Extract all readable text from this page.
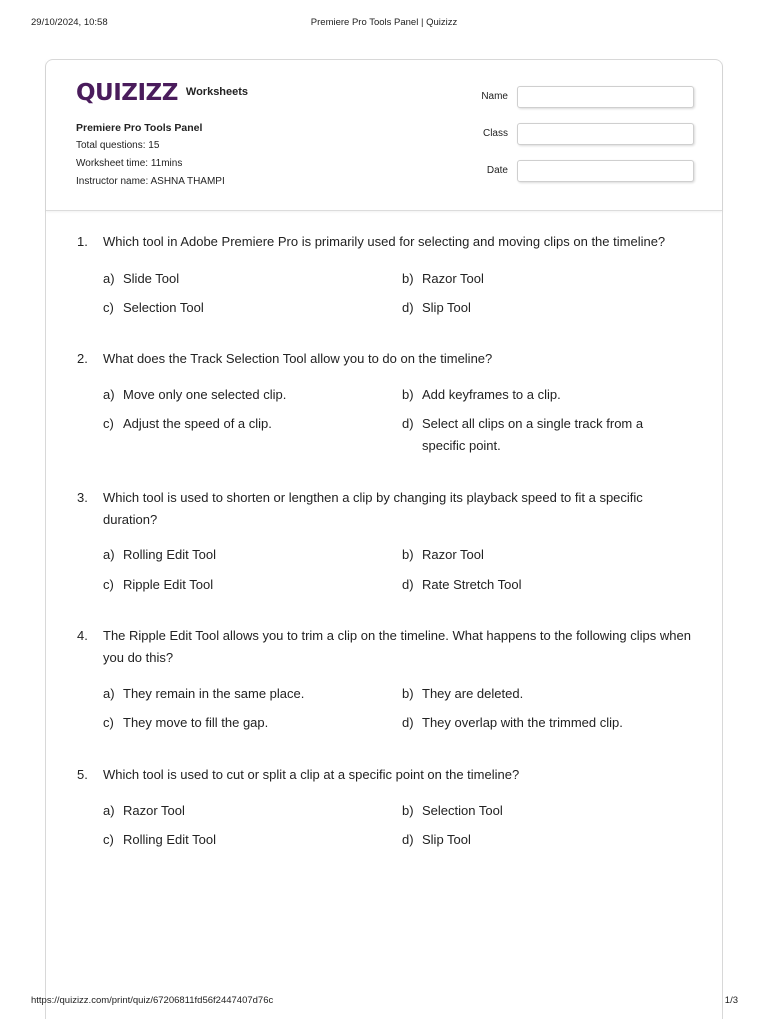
29/10/2024, 10:58	Premiere Pro Tools Panel | Quizizz
QUIZIZZ Worksheets
Premiere Pro Tools Panel
Total questions: 15
Worksheet time: 11mins
Instructor name: ASHNA THAMPI
Name
Class
Date
1. Which tool in Adobe Premiere Pro is primarily used for selecting and moving clips on the timeline?
a) Slide Tool	b) Razor Tool
c) Selection Tool	d) Slip Tool
2. What does the Track Selection Tool allow you to do on the timeline?
a) Move only one selected clip.	b) Add keyframes to a clip.
c) Adjust the speed of a clip.	d) Select all clips on a single track from a specific point.
3. Which tool is used to shorten or lengthen a clip by changing its playback speed to fit a specific duration?
a) Rolling Edit Tool	b) Razor Tool
c) Ripple Edit Tool	d) Rate Stretch Tool
4. The Ripple Edit Tool allows you to trim a clip on the timeline. What happens to the following clips when you do this?
a) They remain in the same place.	b) They are deleted.
c) They move to fill the gap.	d) They overlap with the trimmed clip.
5. Which tool is used to cut or split a clip at a specific point on the timeline?
a) Razor Tool	b) Selection Tool
c) Rolling Edit Tool	d) Slip Tool
https://quizizz.com/print/quiz/67206811fd56f2447407d76c	1/3
